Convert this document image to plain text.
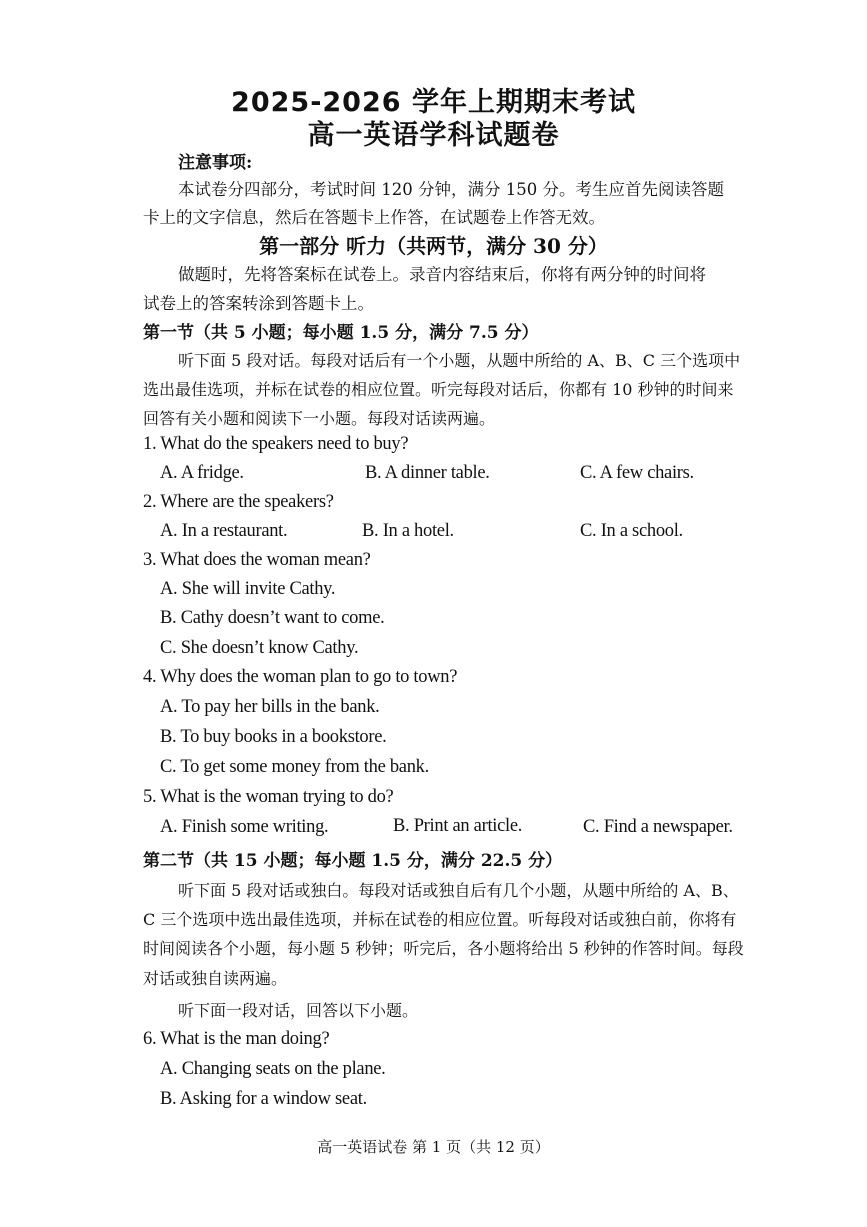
2025-2026 学年上期期末考试
高一英语学科试题卷
注意事项:
本试卷分四部分，考试时间 120 分钟，满分 150 分。考生应首先阅读答题
卡上的文字信息，然后在答题卡上作答，在试题卷上作答无效。
第一部分 听力（共两节，满分 30 分）
做题时，先将答案标在试卷上。录音内容结束后，你将有两分钟的时间将
试卷上的答案转涂到答题卡上。
第一节（共 5 小题；每小题 1.5 分，满分 7.5 分）
听下面 5 段对话。每段对话后有一个小题，从题中所给的 A、B、C 三个选项中
选出最佳选项，并标在试卷的相应位置。听完每段对话后，你都有 10 秒钟的时间来
回答有关小题和阅读下一小题。每段对话读两遍。
1. What do the speakers need to buy?
A. A fridge.	B. A dinner table.	C. A few chairs.
2. Where are the speakers?
A. In a restaurant.	B. In a hotel.	C. In a school.
3. What does the woman mean?
A. She will invite Cathy.
B. Cathy doesn’t want to come.
C. She doesn’t know Cathy.
4. Why does the woman plan to go to town?
A. To pay her bills in the bank.
B. To buy books in a bookstore.
C. To get some money from the bank.
5. What is the woman trying to do?
A. Finish some writing.	B. Print an article.	C. Find a newspaper.
第二节（共 15 小题；每小题 1.5 分，满分 22.5 分）
听下面 5 段对话或独白。每段对话或独自后有几个小题，从题中所给的 A、B、
C 三个选项中选出最佳选项，并标在试卷的相应位置。听每段对话或独白前，你将有
时间阅读各个小题，每小题 5 秒钟；听完后，各小题将给出 5 秒钟的作答时间。每段
对话或独自读两遍。
听下面一段对话，回答以下小题。
6. What is the man doing?
A. Changing seats on the plane.
B. Asking for a window seat.
高一英语试卷 第 1 页（共 12 页）
